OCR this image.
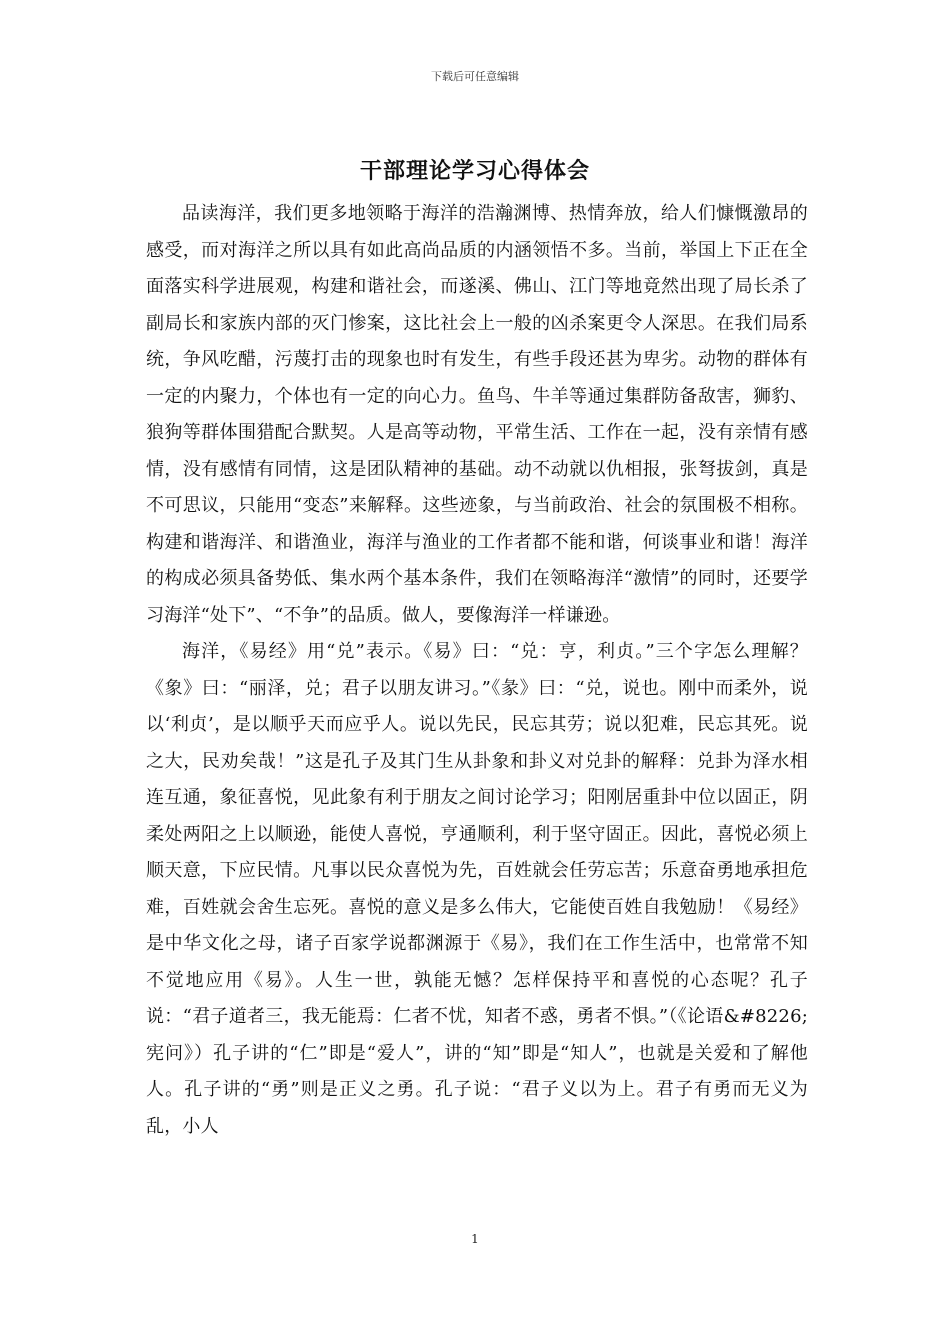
下载后可任意编辑
干部理论学习心得体会

品读海洋，我们更多地领略于海洋的浩瀚渊博、热情奔放，给人们慷慨激昂的感受，而对海洋之所以具有如此高尚品质的内涵领悟不多。当前，举国上下正在全面落实科学进展观，构建和谐社会，而遂溪、佛山、江门等地竟然出现了局长杀了副局长和家族内部的灭门惨案，这比社会上一般的凶杀案更令人深思。在我们局系统，争风吃醋，污蔑打击的现象也时有发生，有些手段还甚为卑劣。动物的群体有一定的内聚力，个体也有一定的向心力。鱼鸟、牛羊等通过集群防备敌害，狮豹、狼狗等群体围猎配合默契。人是高等动物，平常生活、工作在一起，没有亲情有感情，没有感情有同情，这是团队精神的基础。动不动就以仇相报，张弩拔剑，真是不可思议，只能用“变态”来解释。这些迹象，与当前政治、社会的氛围极不相称。构建和谐海洋、和谐渔业，海洋与渔业的工作者都不能和谐，何谈事业和谐！海洋的构成必须具备势低、集水两个基本条件，我们在领略海洋“激情”的同时，还要学习海洋“处下”、“不争”的品质。做人，要像海洋一样谦逊。

海洋，《易经》用“兑”表示。《易》曰：“兑：亨，利贞。”三个字怎么理解？《象》曰：“丽泽，兑；君子以朋友讲习。”《彖》曰：“兑，说也。刚中而柔外，说以‘利贞’，是以顺乎天而应乎人。说以先民，民忘其劳；说以犯难，民忘其死。说之大，民劝矣哉！”这是孔子及其门生从卦象和卦义对兑卦的解释：兑卦为泽水相连互通，象征喜悦，见此象有利于朋友之间讨论学习；阳刚居重卦中位以固正，阴柔处两阳之上以顺逊，能使人喜悦，亨通顺利，利于坚守固正。因此，喜悦必须上顺天意，下应民情。凡事以民众喜悦为先，百姓就会任劳忘苦；乐意奋勇地承担危难，百姓就会舍生忘死。喜悦的意义是多么伟大，它能使百姓自我勉励！《易经》是中华文化之母，诸子百家学说都渊源于《易》，我们在工作生活中，也常常不知不觉地应用《易》。人生一世，孰能无憾？怎样保持平和喜悦的心态呢？孔子说：“君子道者三，我无能焉：仁者不忧，知者不惑，勇者不惧。”（《论语&#8226;宪问》）孔子讲的“仁”即是“爱人”，讲的“知”即是“知人”，也就是关爱和了解他人。孔子讲的“勇”则是正义之勇。孔子说：“君子义以为上。君子有勇而无义为乱，小人

1
